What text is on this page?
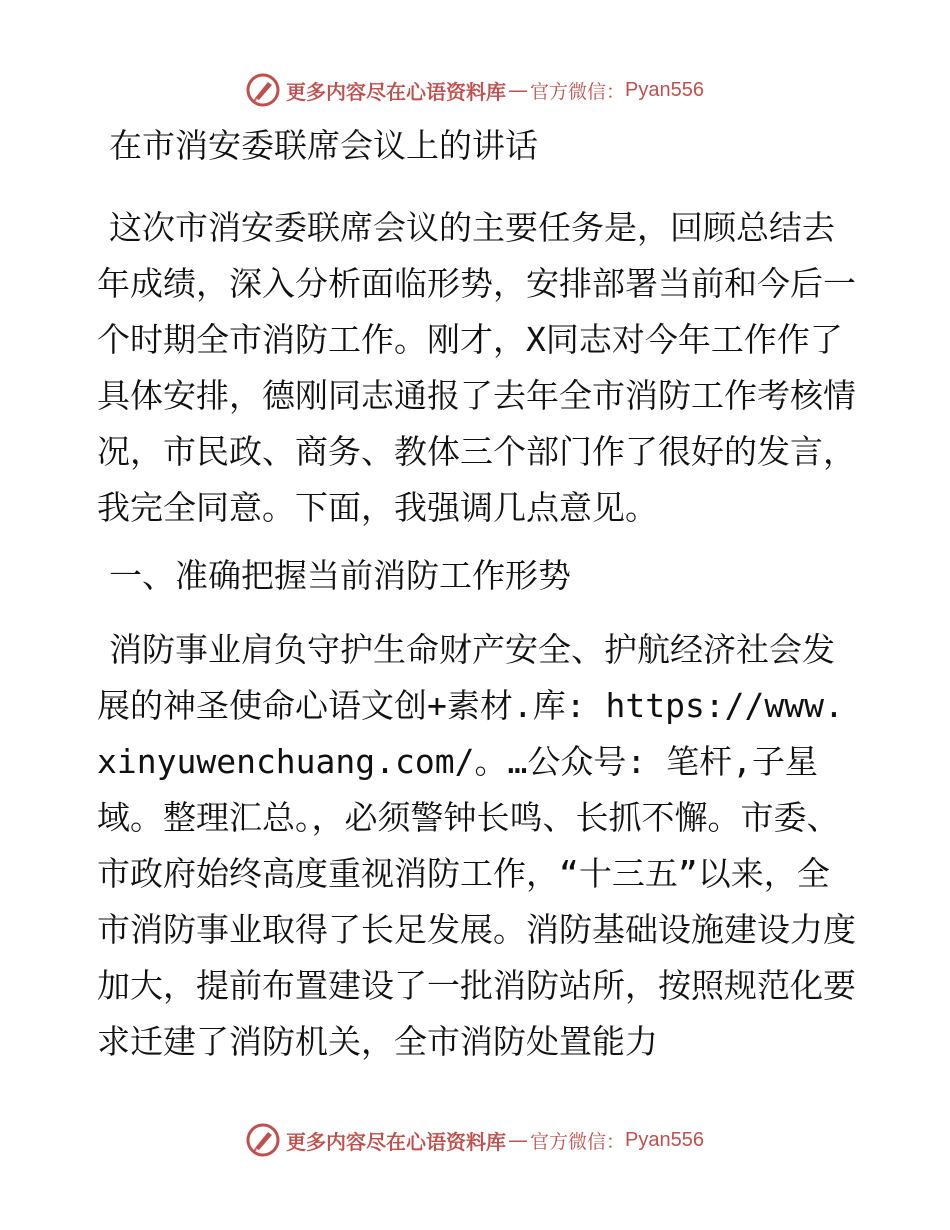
更多内容尽在心语资料库 — 官方微信： Pyan556

在市消安委联席会议上的讲话

这次市消安委联席会议的主要任务是，回顾总结去年成绩，深入分析面临形势，安排部署当前和今后一个时期全市消防工作。刚才，X同志对今年工作作了具体安排，德刚同志通报了去年全市消防工作考核情况，市民政、商务、教体三个部门作了很好的发言，我完全同意。下面，我强调几点意见。

一、准确把握当前消防工作形势

消防事业肩负守护生命财产安全、护航经济社会发展的神圣使命心语文创+素材.库: https://www.xinyuwenchuang.com/。…公众号: 笔杆,子星域。整理汇总。，必须警钟长鸣、长抓不懈。市委、市政府始终高度重视消防工作，“十三五”以来，全市消防事业取得了长足发展。消防基础设施建设力度加大，提前布置建设了一批消防站所，按照规范化要求迁建了消防机关，全市消防处置能力

更多内容尽在心语资料库 — 官方微信： Pyan556
